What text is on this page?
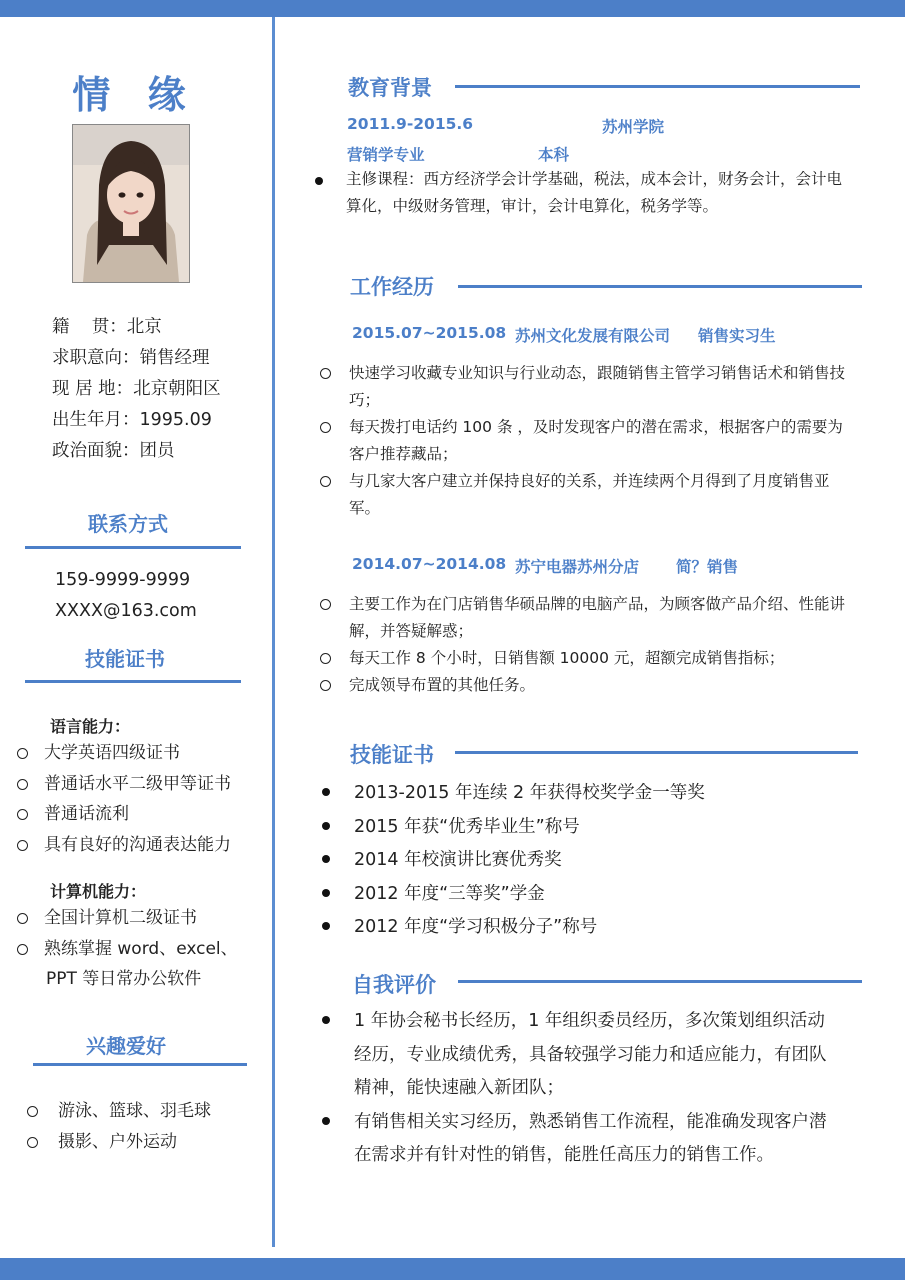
情 缘
籍    贯：北京
求职意向：销售经理
现 居 地：北京朝阳区
出生年月：1995.09
政治面貌：团员
联系方式
159-9999-9999
XXXX@163.com
技能证书
语言能力：
大学英语四级证书
普通话水平二级甲等证书
普通话流利
具有良好的沟通表达能力
计算机能力：
全国计算机二级证书
熟练掌握 word、excel、
PPT 等日常办公软件
兴趣爱好
游泳、篮球、羽毛球
摄影、户外运动
教育背景
2011.9-2015.6	苏州学院
营销学专业	本科
主修课程：西方经济学会计学基础，税法，成本会计，财务会计，会计电算化，中级财务管理，审计，会计电算化，税务学等。
工作经历
2015.07~2015.08 苏州文化发展有限公司 销售实习生
快速学习收藏专业知识与行业动态，跟随销售主管学习销售话术和销售技巧；
每天拨打电话约 100 条 ，及时发现客户的潜在需求，根据客户的需要为客户推荐藏品；
与几家大客户建立并保持良好的关系，并连续两个月得到了月度销售亚军。
2014.07~2014.08 苏宁电器苏州分店 简？销售
主要工作为在门店销售华硕品牌的电脑产品，为顾客做产品介绍、性能讲解，并答疑解惑；
每天工作 8 个小时，日销售额 10000 元，超额完成销售指标；
完成领导布置的其他任务。
技能证书
2013-2015 年连续 2 年获得校奖学金一等奖
2015 年获“优秀毕业生”称号
2014 年校演讲比赛优秀奖
2012 年度“三等奖”学金
2012 年度“学习积极分子”称号
自我评价
1 年协会秘书长经历，1 年组织委员经历，多次策划组织活动经历，专业成绩优秀，具备较强学习能力和适应能力，有团队精神，能快速融入新团队；
有销售相关实习经历，熟悉销售工作流程，能准确发现客户潜在需求并有针对性的销售，能胜任高压力的销售工作。
